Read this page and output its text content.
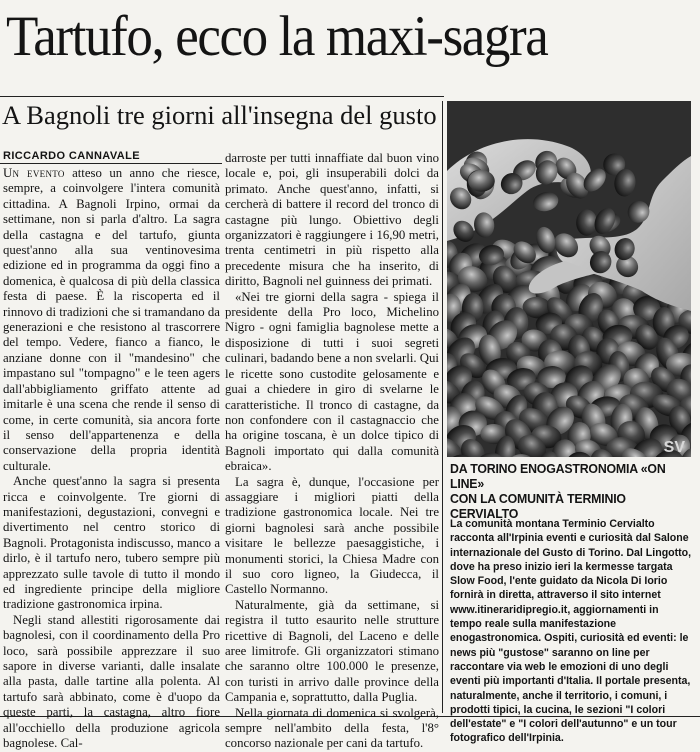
Tartufo, ecco la maxi-sagra
A Bagnoli tre giorni all'insegna del gusto
RICCARDO CANNAVALE

Un evento atteso un anno che riesce, sempre, a coinvolgere l'intera comunità cittadina. A Bagnoli Irpino, ormai da settimane, non si parla d'altro. La sagra della castagna e del tartufo, giunta quest'anno alla sua ventinovesima edizione ed in programma da oggi fino a domenica, è qualcosa di più della classica festa di paese. È la riscoperta ed il rinnovo di tradizioni che si tramandano da generazioni e che resistono al trascorrere del tempo. Vedere, fianco a fianco, le anziane donne con il "mandesino" che impastano sul "tompagno" e le teen agers dall'abbigliamento griffato attente ad imitarle è una scena che rende il senso di come, in certe comunità, sia ancora forte il senso dell'appartenenza e della conservazione della propria identità culturale.

Anche quest'anno la sagra si presenta ricca e coinvolgente. Tre giorni di manifestazioni, degustazioni, convegni e divertimento nel centro storico di Bagnoli. Protagonista indiscusso, manco a dirlo, è il tartufo nero, tubero sempre più apprezzato sulle tavole di tutto il mondo ed ingrediente principe della migliore tradizione gastronomica irpina.

Negli stand allestiti rigorosamente dai bagnolesi, con il coordinamento della Pro loco, sarà possibile apprezzare il suo sapore in diverse varianti, dalle insalate alla pasta, dalle tartine alla polenta. Al tartufo sarà abbinato, come è d'uopo da queste parti, la castagna, altro fiore all'occhiello della produzione agricola bagnolese. Cal-

darroste per tutti innaffiate dal buon vino locale e, poi, gli insuperabili dolci da primato. Anche quest'anno, infatti, si cercherà di battere il record del tronco di castagne più lungo. Obiettivo degli organizzatori è raggiungere i 16,90 metri, trenta centimetri in più rispetto alla precedente misura che ha inserito, di diritto, Bagnoli nel guinness dei primati.

«Nei tre giorni della sagra - spiega il presidente della Pro loco, Michelino Nigro - ogni famiglia bagnolese mette a disposizione di tutti i suoi segreti culinari, badando bene a non svelarli. Qui le ricette sono custodite gelosamente e guai a chiedere in giro di svelarne le caratteristiche. Il tronco di castagne, da non confondere con il castagnaccio che ha origine toscana, è un dolce tipico di Bagnoli importato qui dalla comunità ebraica».

La sagra è, dunque, l'occasione per assaggiare i migliori piatti della tradizione gastronomica locale. Nei tre giorni bagnolesi sarà anche possibile visitare le bellezze paesaggistiche, i monumenti storici, la Chiesa Madre con il suo coro ligneo, la Giudecca, il Castello Normanno.

Naturalmente, già da settimane, si registra il tutto esaurito nelle strutture ricettive di Bagnoli, del Laceno e delle aree limitrofe. Gli organizzatori stimano che saranno oltre 100.000 le presenze, con turisti in arrivo dalle province della Campania e, soprattutto, dalla Puglia.

Nella giornata di domenica si svolgerà, sempre nell'ambito della festa, l'8° concorso nazionale per cani da tartufo.

SV
DA TORINO ENOGASTRONOMIA «ON LINE»
CON LA COMUNITÀ TERMINIO CERVIALTO

La comunità montana Terminio Cervialto racconta all'Irpinia eventi e curiosità dal Salone internazionale del Gusto di Torino. Dal Lingotto, dove ha preso inizio ieri la kermesse targata Slow Food, l'ente guidato da Nicola Di Iorio fornirà in diretta, attraverso il sito internet www.itineraridipregio.it, aggiornamenti in tempo reale sulla manifestazione enogastronomica. Ospiti, curiosità ed eventi: le news più "gustose" saranno on line per raccontare via web le emozioni di uno degli eventi più importanti d'Italia. Il portale presenta, naturalmente, anche il territorio, i comuni, i prodotti tipici, la cucina, le sezioni "I colori dell'estate" e "I colori dell'autunno" e un tour fotografico dell'Irpinia.
